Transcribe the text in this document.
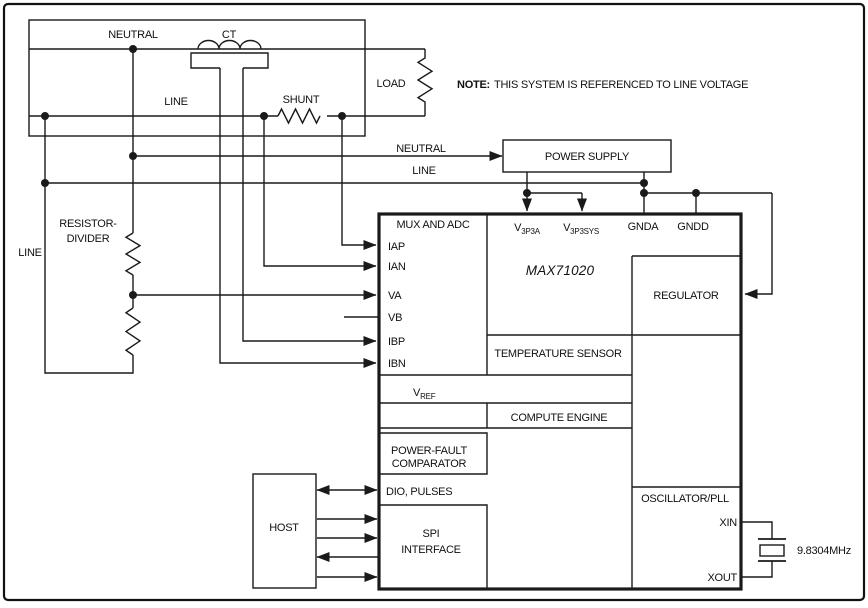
NEUTRAL	CT
LINE	SHUNT
LOAD	NOTE: THIS SYSTEM IS REFERENCED TO LINE VOLTAGE
NEUTRAL
LINE
POWER SUPPLY
LINE
RESISTOR-
DIVIDER
HOST
MUX AND ADC	$V_{3P3A}$ $V_{3P3SYS}$	GNDA GNDD
MAX71020
REGULATOR
TEMPERATURE SENSOR
$V_{REF}$
COMPUTE ENGINE
POWER-FAULT
COMPARATOR
DIO, PULSES
SPI
INTERFACE
OSCILLATOR/PLL
XIN
XOUT
IAP
IAN
VA
VB
IBP
IBN
9.8304MHz
